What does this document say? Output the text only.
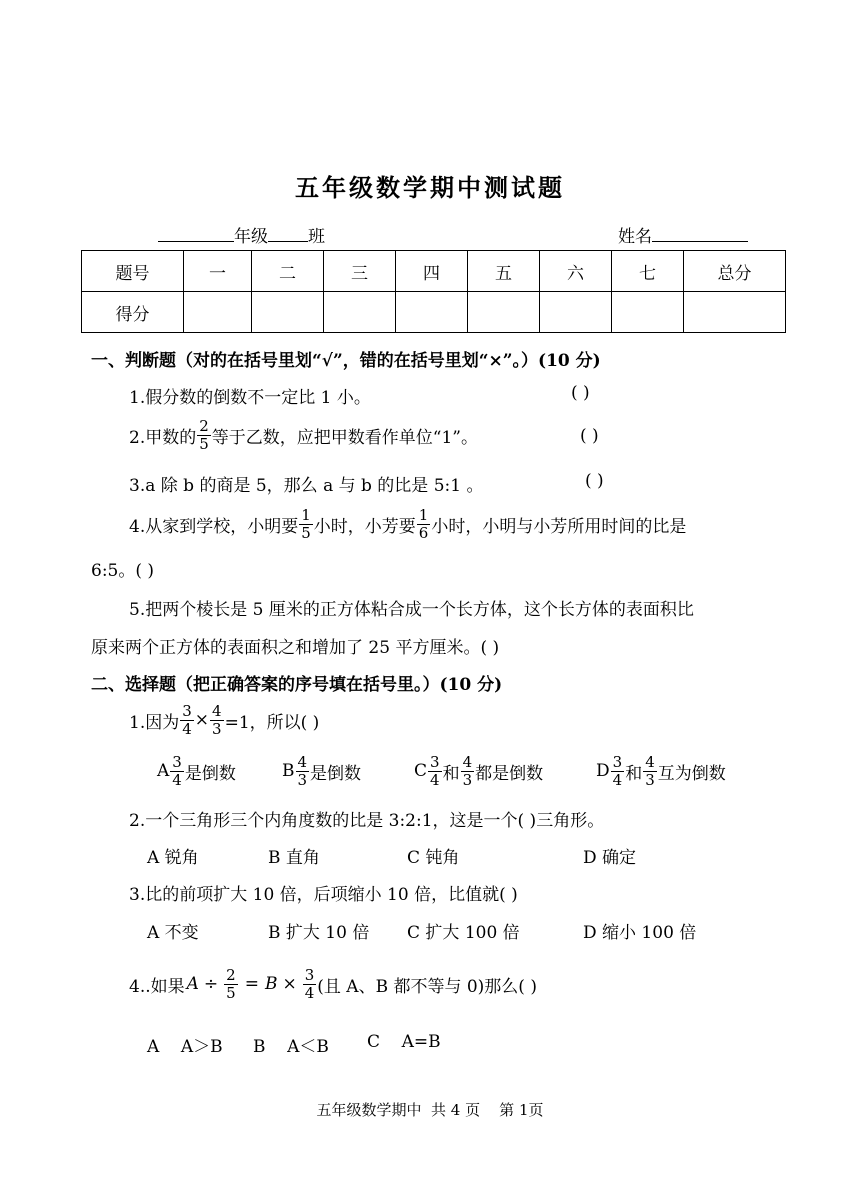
五年级数学期中测试题
年级 班	姓名
题号	一	二	三	四	五	六	七	总分
得分								
一、判断题（对的在括号里划“√”，错的在括号里划“×”。）(10 分)
1.假分数的倒数不一定比 1 小。	( )
2.甲数的 $\frac{2}{5}$ 等于乙数，应把甲数看作单位“1”。	( )
3.a 除 b 的商是 5，那么 a 与 b 的比是 5:1 。	( )
4.从家到学校，小明要 $\frac{1}{5}$ 小时，小芳要 $\frac{1}{6}$ 小时，小明与小芳所用时间的比是
6:5。( )
5.把两个棱长是 5 厘米的正方体粘合成一个长方体，这个长方体的表面积比
原来两个正方体的表面积之和增加了 25 平方厘米。( )
二、选择题（把正确答案的序号填在括号里。）(10 分)
1.因为 $\frac{3}{4} \times \frac{4}{3} =1$，所以( )
A $\frac{3}{4}$ 是倒数	B $\frac{4}{3}$ 是倒数	C $\frac{3}{4}$ 和 $\frac{4}{3}$ 都是倒数	D $\frac{3}{4}$ 和 $\frac{4}{3}$ 互为倒数
2.一个三角形三个内角度数的比是 3:2:1，这是一个( )三角形。
A 锐角	B 直角	C 钝角	D 确定
3.比的前项扩大 10 倍，后项缩小 10 倍，比值就( )
A 不变	B 扩大 10 倍 C 扩大 100 倍	D 缩小 100 倍
4..如果 $A \div \frac{2}{5} = B \times \frac{3}{4}$ (且 A、B 都不等与 0)那么( )
A    A＞B B    A＜B C    A=B
五年级数学期中  共 4 页    第 1页
